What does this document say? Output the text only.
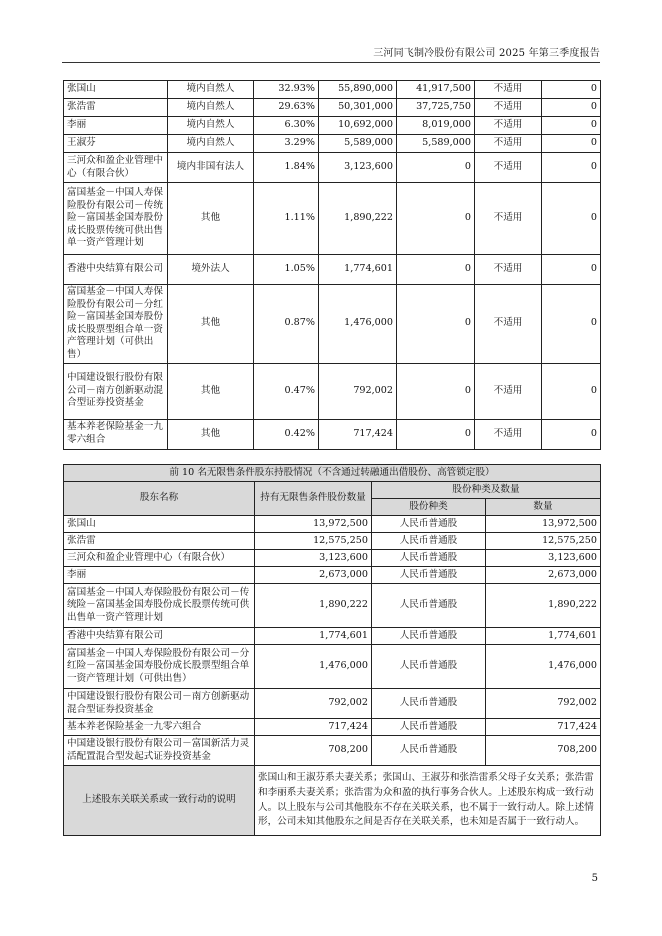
三河同飞制冷股份有限公司 2025 年第三季度报告
张国山	境内自然人	32.93%	55,890,000	41,917,500	不适用	0
张浩雷	境内自然人	29.63%	50,301,000	37,725,750	不适用	0
李丽	境内自然人	6.30%	10,692,000	8,019,000	不适用	0
王淑芬	境内自然人	3.29%	5,589,000	5,589,000	不适用	0
三河众和盈企业管理中心（有限合伙）	境内非国有法人	1.84%	3,123,600	0	不适用	0
富国基金－中国人寿保险股份有限公司－传统险－富国基金国寿股份成长股票传统可供出售单一资产管理计划	其他	1.11%	1,890,222	0	不适用	0
香港中央结算有限公司	境外法人	1.05%	1,774,601	0	不适用	0
富国基金－中国人寿保险股份有限公司－分红险－富国基金国寿股份成长股票型组合单一资产管理计划（可供出售）	其他	0.87%	1,476,000	0	不适用	0
中国建设银行股份有限公司－南方创新驱动混合型证券投资基金	其他	0.47%	792,002	0	不适用	0
基本养老保险基金一九零六组合	其他	0.42%	717,424	0	不适用	0
前 10 名无限售条件股东持股情况（不含通过转融通出借股份、高管锁定股）			
股东名称	持有无限售条件股份数量	股份种类及数量	
		股份种类	数量
张国山	13,972,500	人民币普通股	13,972,500
张浩雷	12,575,250	人民币普通股	12,575,250
三河众和盈企业管理中心（有限合伙）	3,123,600	人民币普通股	3,123,600
李丽	2,673,000	人民币普通股	2,673,000
富国基金－中国人寿保险股份有限公司－传统险－富国基金国寿股份成长股票传统可供出售单一资产管理计划	1,890,222	人民币普通股	1,890,222
香港中央结算有限公司	1,774,601	人民币普通股	1,774,601
富国基金－中国人寿保险股份有限公司－分红险－富国基金国寿股份成长股票型组合单一资产管理计划（可供出售）	1,476,000	人民币普通股	1,476,000
中国建设银行股份有限公司－南方创新驱动混合型证券投资基金	792,002	人民币普通股	792,002
基本养老保险基金一九零六组合	717,424	人民币普通股	717,424
中国建设银行股份有限公司－富国新活力灵活配置混合型发起式证券投资基金	708,200	人民币普通股	708,200
上述股东关联关系或一致行动的说明	张国山和王淑芬系夫妻关系；张国山、王淑芬和张浩雷系父母子女关系；张浩雷和李丽系夫妻关系；张浩雷为众和盈的执行事务合伙人。上述股东构成一致行动人。以上股东与公司其他股东不存在关联关系，也不属于一致行动人。除上述情形，公司未知其他股东之间是否存在关联关系，也未知是否属于一致行动人。		
5
